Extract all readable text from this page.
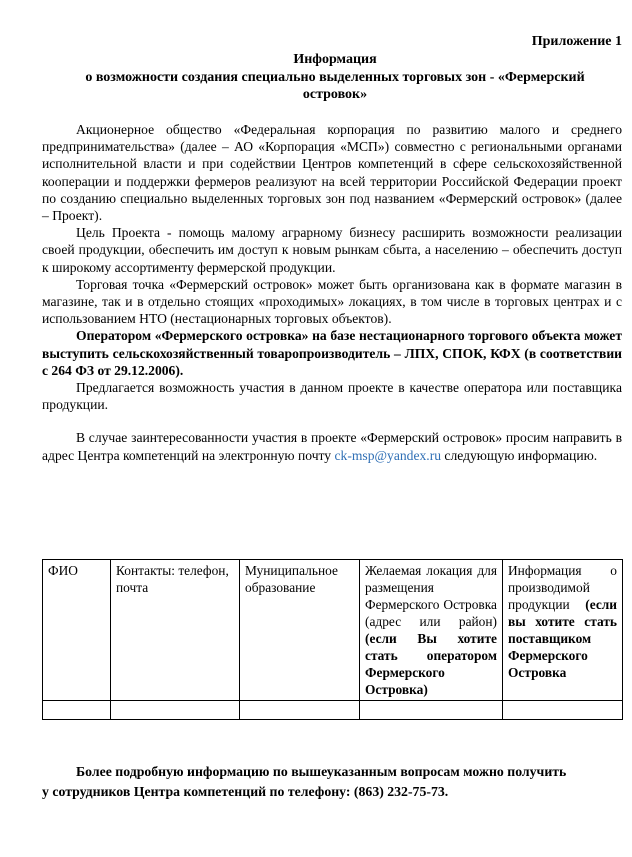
Приложение 1
Информация
о возможности создания специально выделенных торговых зон - «Фермерский
островок»

Акционерное общество «Федеральная корпорация по развитию малого и среднего предпринимательства» (далее – АО «Корпорация «МСП») совместно с региональными органами исполнительной власти и при содействии Центров компетенций в сфере сельскохозяйственной кооперации и поддержки фермеров реализуют на всей территории Российской Федерации проект по созданию специально выделенных торговых зон под названием «Фермерский островок» (далее – Проект).

Цель Проекта - помощь малому аграрному бизнесу расширить возможности реализации своей продукции, обеспечить им доступ к новым рынкам сбыта, а населению – обеспечить доступ к широкому ассортименту фермерской продукции.

Торговая точка «Фермерский островок» может быть организована как в формате магазин в магазине, так и в отдельно стоящих «проходимых» локациях, в том числе в торговых центрах и с использованием НТО (нестационарных торговых объектов).

Оператором «Фермерского островка» на базе нестационарного торгового объекта может выступить сельскохозяйственный товаропроизводитель – ЛПХ, СПОК, КФХ (в соответствии с 264 ФЗ от 29.12.2006).

Предлагается возможность участия в данном проекте в качестве оператора или поставщика продукции.

В случае заинтересованности участия в проекте «Фермерский островок» просим направить в адрес Центра компетенций на электронную почту ck-msp@yandex.ru следующую информацию.

ФИО	Контакты: телефон, почта	Муниципальное образование	Желаемая локация для размещения Фермерского Островка (адрес или район) (если Вы хотите стать оператором Фермерского Островка)	Информация о производимой продукции (если вы хотите стать поставщиком Фермерского Островка

Более подробную информацию по вышеуказанным вопросам можно получить

у сотрудников Центра компетенций по телефону: (863) 232-75-73.
